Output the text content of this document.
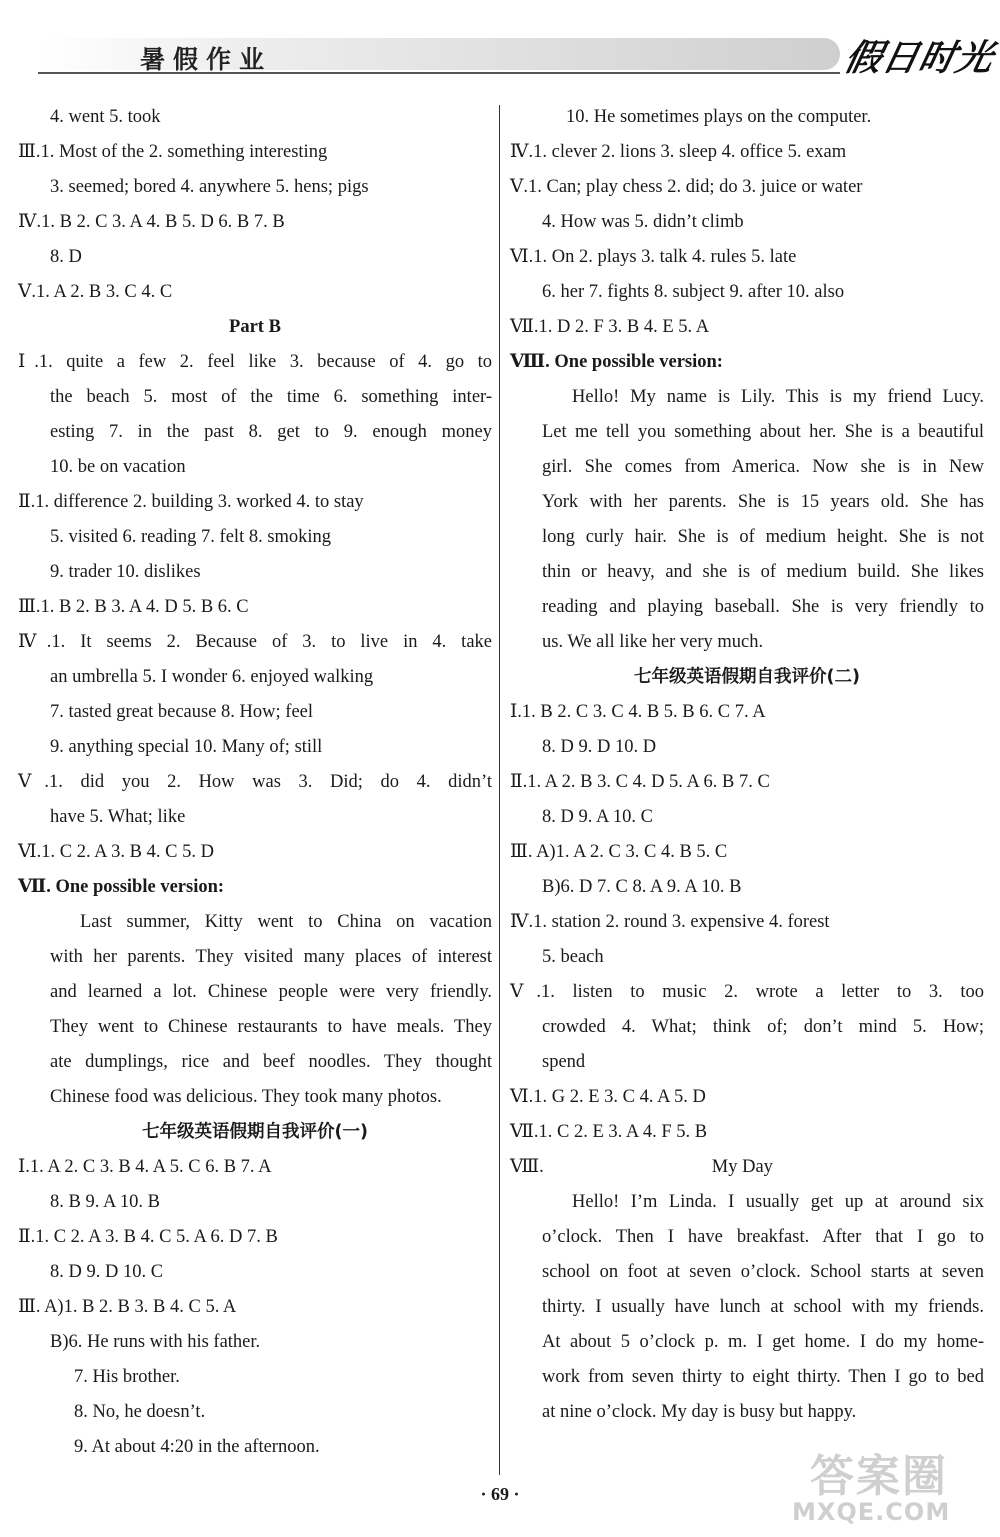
暑假作业	假日时光
4. went 5. took
Ⅲ.1. Most of the 2. something interesting
3. seemed; bored 4. anywhere 5. hens; pigs
Ⅳ.1. B 2. C 3. A 4. B 5. D 6. B 7. B
8. D
Ⅴ.1. A 2. B 3. C 4. C
Part B
Ⅰ.1. quite a few 2. feel like 3. because of 4. go to
the beach 5. most of the time 6. something inter-
esting 7. in the past 8. get to 9. enough money
10. be on vacation
Ⅱ.1. difference 2. building 3. worked 4. to stay
5. visited 6. reading 7. felt 8. smoking
9. trader 10. dislikes
Ⅲ.1. B 2. B 3. A 4. D 5. B 6. C
Ⅳ.1. It seems 2. Because of 3. to live in 4. take
an umbrella 5. I wonder 6. enjoyed walking
7. tasted great because 8. How; feel
9. anything special 10. Many of; still
Ⅴ.1. did you 2. How was 3. Did; do 4. didn’t
have 5. What; like
Ⅵ.1. C 2. A 3. B 4. C 5. D
Ⅶ. One possible version:
Last summer, Kitty went to China on vacation
with her parents. They visited many places of interest
and learned a lot. Chinese people were very friendly.
They went to Chinese restaurants to have meals. They
ate dumplings, rice and beef noodles. They thought
Chinese food was delicious. They took many photos.
七年级英语假期自我评价(一)
Ⅰ.1. A 2. C 3. B 4. A 5. C 6. B 7. A
8. B 9. A 10. B
Ⅱ.1. C 2. A 3. B 4. C 5. A 6. D 7. B
8. D 9. D 10. C
Ⅲ. A)1. B 2. B 3. B 4. C 5. A
B)6. He runs with his father.
7. His brother.
8. No, he doesn’t.
9. At about 4:20 in the afternoon.
10. He sometimes plays on the computer.
Ⅳ.1. clever 2. lions 3. sleep 4. office 5. exam
Ⅴ.1. Can; play chess 2. did; do 3. juice or water
4. How was 5. didn’t climb
Ⅵ.1. On 2. plays 3. talk 4. rules 5. late
6. her 7. fights 8. subject 9. after 10. also
Ⅶ.1. D 2. F 3. B 4. E 5. A
Ⅷ. One possible version:
Hello! My name is Lily. This is my friend Lucy.
Let me tell you something about her. She is a beautiful
girl. She comes from America. Now she is in New
York with her parents. She is 15 years old. She has
long curly hair. She is of medium height. She is not
thin or heavy, and she is of medium build. She likes
reading and playing baseball. She is very friendly to
us. We all like her very much.
七年级英语假期自我评价(二)
Ⅰ.1. B 2. C 3. C 4. B 5. B 6. C 7. A
8. D 9. D 10. D
Ⅱ.1. A 2. B 3. C 4. D 5. A 6. B 7. C
8. D 9. A 10. C
Ⅲ. A)1. A 2. C 3. C 4. B 5. C
B)6. D 7. C 8. A 9. A 10. B
Ⅳ.1. station 2. round 3. expensive 4. forest
5. beach
Ⅴ.1. listen to music 2. wrote a letter to 3. too
crowded 4. What; think of; don’t mind 5. How;
spend
Ⅵ.1. G 2. E 3. C 4. A 5. D
Ⅶ.1. C 2. E 3. A 4. F 5. B
Ⅷ.	My Day
Hello! I’m Linda. I usually get up at around six
o’clock. Then I have breakfast. After that I go to
school on foot at seven o’clock. School starts at seven
thirty. I usually have lunch at school with my friends.
At about 5 o’clock p. m. I get home. I do my home-
work from seven thirty to eight thirty. Then I go to bed
at nine o’clock. My day is busy but happy.
· 69 ·	答案圈
MXQE.COM
